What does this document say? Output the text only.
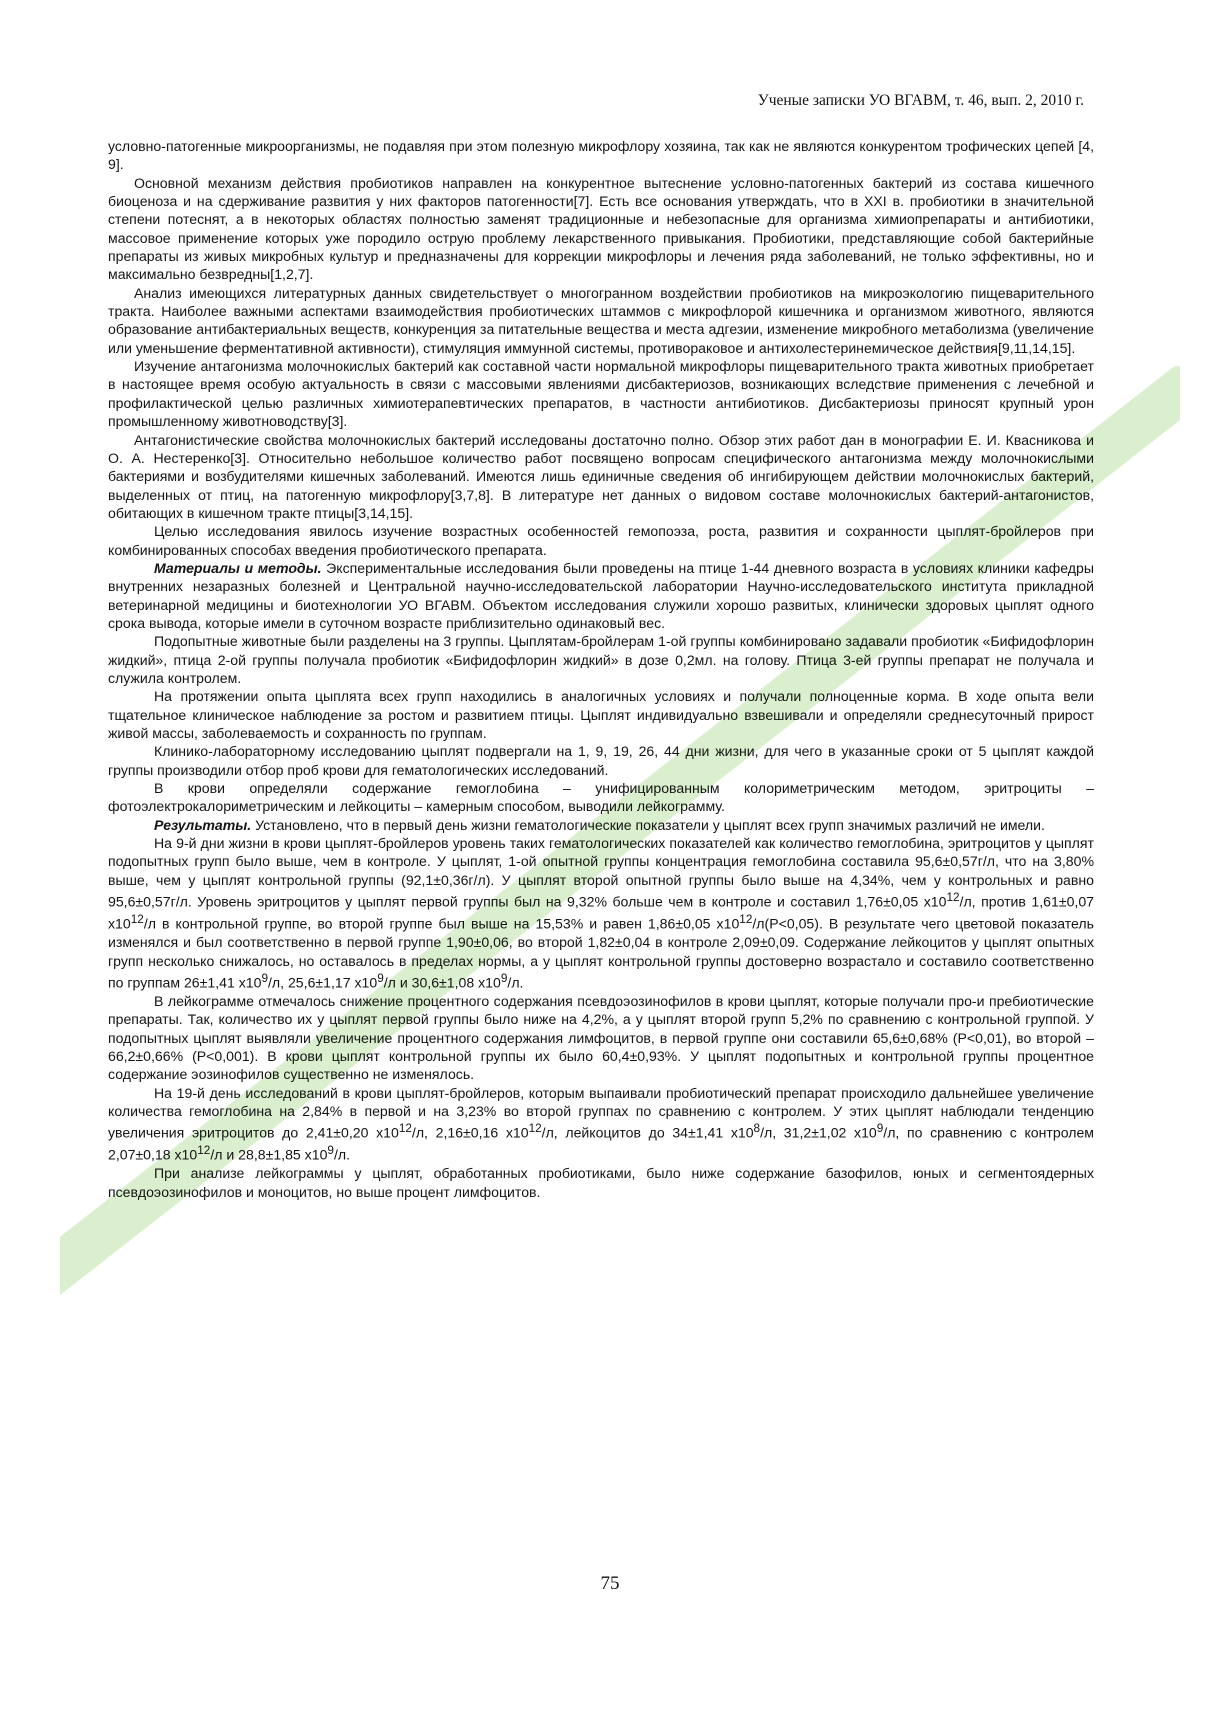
Ученые записки УО ВГАВМ, т. 46, вып. 2, 2010 г.

условно-патогенные микроорганизмы, не подавляя при этом полезную микрофлору хозяина, так как не являются конкурентом трофических цепей [4, 9].

Основной механизм действия пробиотиков направлен на конкурентное вытеснение условно-патогенных бактерий из состава кишечного биоценоза и на сдерживание развития у них факторов патогенности[7]. Есть все основания утверждать, что в XXI в. пробиотики в значительной степени потеснят, а в некоторых областях полностью заменят традиционные и небезопасные для организма химиопрепараты и антибиотики, массовое применение которых уже породило острую проблему лекарственного привыкания. Пробиотики, представляющие собой бактерийные препараты из живых микробных культур и предназначены для коррекции микрофлоры и лечения ряда заболеваний, не только эффективны, но и максимально безвредны[1,2,7].

Анализ имеющихся литературных данных свидетельствует о многогранном воздействии пробиотиков на микроэкологию пищеварительного тракта. Наиболее важными аспектами взаимодействия пробиотических штаммов с микрофлорой кишечника и организмом животного, являются образование антибактериальных веществ, конкуренция за питательные вещества и места адгезии, изменение микробного метаболизма (увеличение или уменьшение ферментативной активности), стимуляция иммунной системы, противораковое и антихолестеринемическое действия[9,11,14,15].

Изучение антагонизма молочнокислых бактерий как составной части нормальной микрофлоры пищеварительного тракта животных приобретает в настоящее время особую актуальность в связи с массовыми явлениями дисбактериозов, возникающих вследствие применения с лечебной и профилактической целью различных химиотерапевтических препаратов, в частности антибиотиков. Дисбактериозы приносят крупный урон промышленному животноводству[3].

Антагонистические свойства молочнокислых бактерий исследованы достаточно полно. Обзор этих работ дан в монографии Е. И. Квасникова и О. А. Нестеренко[3]. Относительно небольшое количество работ посвящено вопросам специфического антагонизма между молочнокислыми бактериями и возбудителями кишечных заболеваний. Имеются лишь единичные сведения об ингибирующем действии молочнокислых бактерий, выделенных от птиц, на патогенную микрофлору[3,7,8]. В литературе нет данных о видовом составе молочнокислых бактерий-антагонистов, обитающих в кишечном тракте птицы[3,14,15].

Целью исследования явилось изучение возрастных особенностей гемопоэза, роста, развития и сохранности цыплят-бройлеров при комбинированных способах введения пробиотического препарата.

Материалы и методы. Экспериментальные исследования были проведены на птице 1-44 дневного возраста в условиях клиники кафедры внутренних незаразных болезней и Центральной научно-исследовательской лаборатории Научно-исследовательского института прикладной ветеринарной медицины и биотехнологии УО ВГАВМ. Объектом исследования служили хорошо развитых, клинически здоровых цыплят одного срока вывода, которые имели в суточном возрасте приблизительно одинаковый вес.

Подопытные животные были разделены на 3 группы. Цыплятам-бройлерам 1-ой группы комбинировано задавали пробиотик «Бифидофлорин жидкий», птица 2-ой группы получала пробиотик «Бифидофлорин жидкий» в дозе 0,2мл. на голову. Птица 3-ей группы препарат не получала и служила контролем.

На протяжении опыта цыплята всех групп находились в аналогичных условиях и получали полноценные корма. В ходе опыта вели тщательное клиническое наблюдение за ростом и развитием птицы. Цыплят индивидуально взвешивали и определяли среднесуточный прирост живой массы, заболеваемость и сохранность по группам.

Клинико-лабораторному исследованию цыплят подвергали на 1, 9, 19, 26, 44 дни жизни, для чего в указанные сроки от 5 цыплят каждой группы производили отбор проб крови для гематологических исследований.

В крови определяли содержание гемоглобина – унифицированным колориметрическим методом, эритроциты – фотоэлектрокалориметрическим и лейкоциты – камерным способом, выводили лейкограмму.

Результаты. Установлено, что в первый день жизни гематологические показатели у цыплят всех групп значимых различий не имели.

На 9-й дни жизни в крови цыплят-бройлеров уровень таких гематологических показателей как количество гемоглобина, эритроцитов у цыплят подопытных групп было выше, чем в контроле. У цыплят, 1-ой опытной группы концентрация гемоглобина составила 95,6±0,57г/л, что на 3,80% выше, чем у цыплят контрольной группы (92,1±0,36г/л). У цыплят второй опытной группы было выше на 4,34%, чем у контрольных и равно 95,6±0,57г/л. Уровень эритроцитов у цыплят первой группы был на 9,32% больше чем в контроле и составил 1,76±0,05 $x10^{12}/л$, против 1,61±0,07 $x10^{12}/л$ в контрольной группе, во второй группе был выше на 15,53% и равен 1,86±0,05 $x10^{12}/л(P<0,05)$. В результате чего цветовой показатель изменялся и был соответственно в первой группе 1,90±0,06, во второй 1,82±0,04 в контроле 2,09±0,09. Содержание лейкоцитов у цыплят опытных групп несколько снижалось, но оставалось в пределах нормы, а у цыплят контрольной группы достоверно возрастало и составило соответственно по группам 26±1,41 $x10^9/л$, 25,6±1,17 $x10^9/л$ и 30,6±1,08 $x10^9/л$.

В лейкограмме отмечалось снижение процентного содержания псевдоэозинофилов в крови цыплят, которые получали про-и пребиотические препараты. Так, количество их у цыплят первой группы было ниже на 4,2%, а у цыплят второй групп 5,2% по сравнению с контрольной группой. У подопытных цыплят выявляли увеличение процентного содержания лимфоцитов, в первой группе они составили 65,6±0,68% (P<0,01), во второй – 66,2±0,66% (P<0,001). В крови цыплят контрольной группы их было 60,4±0,93%. У цыплят подопытных и контрольной группы процентное содержание эозинофилов существенно не изменялось.

На 19-й день исследований в крови цыплят-бройлеров, которым выпаивали пробиотический препарат происходило дальнейшее увеличение количества гемоглобина на 2,84% в первой и на 3,23% во второй группах по сравнению с контролем. У этих цыплят наблюдали тенденцию увеличения эритроцитов до 2,41±0,20 $x10^{12}/л$, 2,16±0,16 $x10^{12}/л$, лейкоцитов до 34±1,41 $x10^8/л$, 31,2±1,02 $x10^9/л$, по сравнению с контролем 2,07±0,18 $x10^{12}/л$ и 28,8±1,85 $x10^9/л$.

При анализе лейкограммы у цыплят, обработанных пробиотиками, было ниже содержание базофилов, юных и сегментоядерных псевдоэозинофилов и моноцитов, но выше процент лимфоцитов.

75
